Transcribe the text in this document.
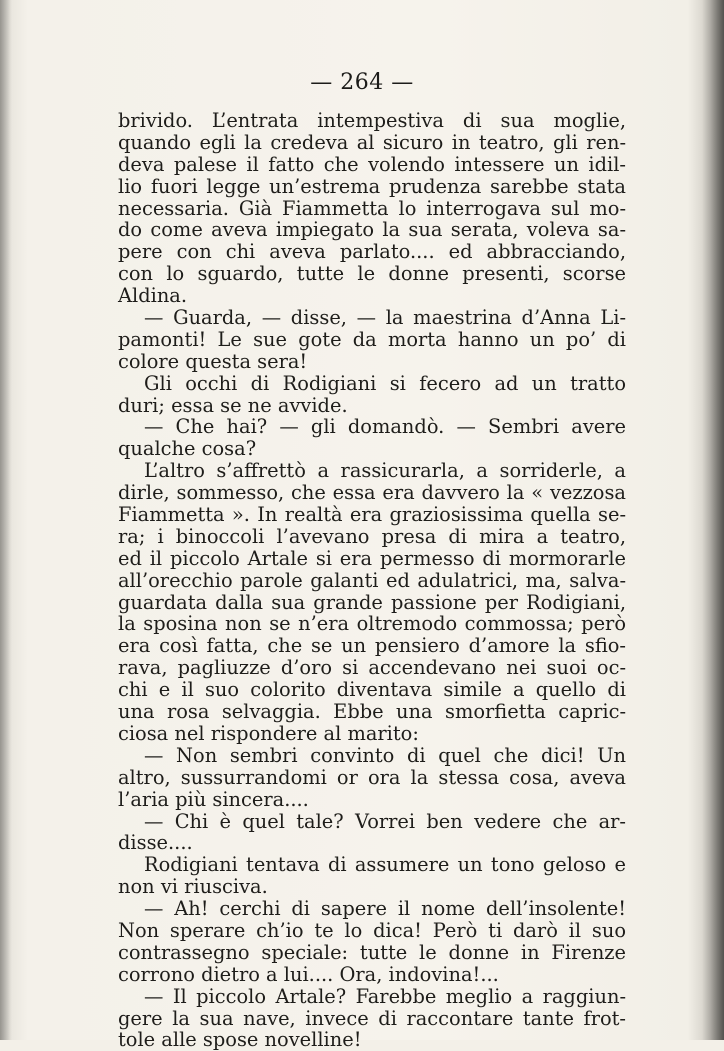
— 264 —
brivido. L’entrata intempestiva di sua moglie,
quando egli la credeva al sicuro in teatro, gli ren-
deva palese il fatto che volendo intessere un idil-
lio fuori legge un’estrema prudenza sarebbe stata
necessaria. Già Fiammetta lo interrogava sul mo-
do come aveva impiegato la sua serata, voleva sa-
pere con chi aveva parlato.... ed abbracciando,
con lo sguardo, tutte le donne presenti, scorse
Aldina.
— Guarda, — disse, — la maestrina d’Anna Li-
pamonti! Le sue gote da morta hanno un po’ di
colore questa sera!
Gli occhi di Rodigiani si fecero ad un tratto
duri; essa se ne avvide.
— Che hai? — gli domandò. — Sembri avere
qualche cosa?
L’altro s’affrettò a rassicurarla, a sorriderle, a
dirle, sommesso, che essa era davvero la « vezzosa
Fiammetta ». In realtà era graziosissima quella se-
ra; i binoccoli l’avevano presa di mira a teatro,
ed il piccolo Artale si era permesso di mormorarle
all’orecchio parole galanti ed adulatrici, ma, salva-
guardata dalla sua grande passione per Rodigiani,
la sposina non se n’era oltremodo commossa; però
era così fatta, che se un pensiero d’amore la sfio-
rava, pagliuzze d’oro si accendevano nei suoi oc-
chi e il suo colorito diventava simile a quello di
una rosa selvaggia. Ebbe una smorfietta capric-
ciosa nel rispondere al marito:
— Non sembri convinto di quel che dici! Un
altro, sussurrandomi or ora la stessa cosa, aveva
l’aria più sincera....
— Chi è quel tale? Vorrei ben vedere che ar-
disse....
Rodigiani tentava di assumere un tono geloso e
non vi riusciva.
— Ah! cerchi di sapere il nome dell’insolente!
Non sperare ch’io te lo dica! Però ti darò il suo
contrassegno speciale: tutte le donne in Firenze
corrono dietro a lui.... Ora, indovina!...
— Il piccolo Artale? Farebbe meglio a raggiun-
gere la sua nave, invece di raccontare tante frot-
tole alle spose novelline!
